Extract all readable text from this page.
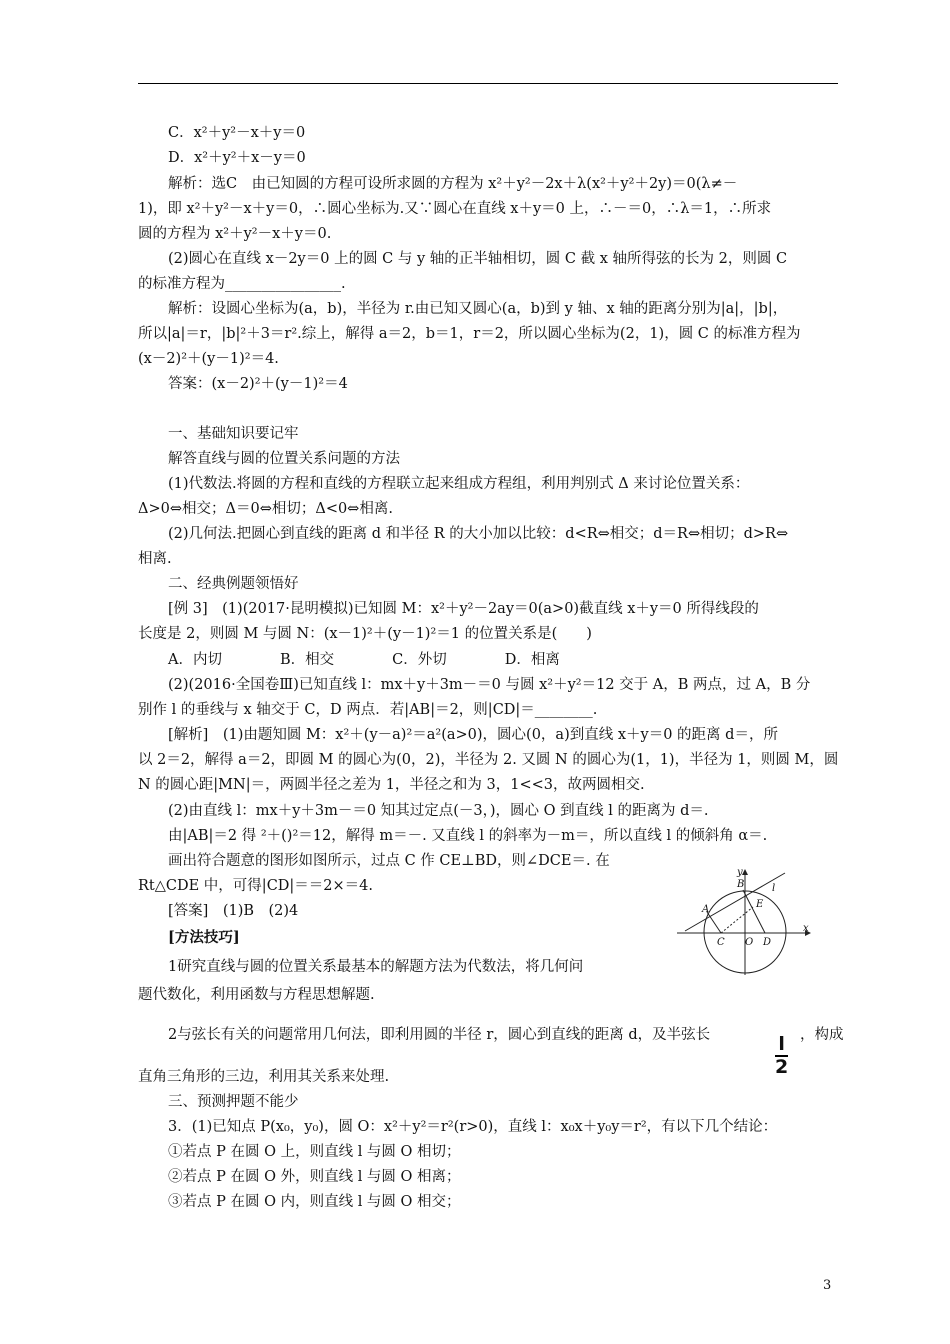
C．x²＋y²－x＋y＝0
D．x²＋y²＋x－y＝0
解析：选C　由已知圆的方程可设所求圆的方程为 x²＋y²－2x＋λ(x²＋y²＋2y)＝0(λ≠－
1)，即 x²＋y²－x＋y＝0，∴圆心坐标为.又∵圆心在直线 x＋y＝0 上，∴－＝0，∴λ＝1，∴所求
圆的方程为 x²＋y²－x＋y＝0.
(2)圆心在直线 x－2y＝0 上的圆 C 与 y 轴的正半轴相切，圆 C 截 x 轴所得弦的长为 2，则圆 C
的标准方程为________________.
解析：设圆心坐标为(a，b)，半径为 r.由已知又圆心(a，b)到 y 轴、x 轴的距离分别为|a|，|b|，
所以|a|＝r，|b|²＋3＝r².综上，解得 a＝2，b＝1，r＝2，所以圆心坐标为(2，1)，圆 C 的标准方程为
(x－2)²＋(y－1)²＝4.
答案：(x－2)²＋(y－1)²＝4
一、基础知识要记牢
解答直线与圆的位置关系问题的方法
(1)代数法.将圆的方程和直线的方程联立起来组成方程组，利用判别式 Δ 来讨论位置关系：
Δ>0⇔相交；Δ＝0⇔相切；Δ<0⇔相离.
(2)几何法.把圆心到直线的距离 d 和半径 R 的大小加以比较：d<R⇔相交；d＝R⇔相切；d>R⇔
相离.
二、经典例题领悟好
[例 3]　(1)(2017·昆明模拟)已知圆 M：x²＋y²－2ay＝0(a>0)截直线 x＋y＝0 所得线段的
长度是 2，则圆 M 与圆 N：(x－1)²＋(y－1)²＝1 的位置关系是(　　)
A．内切　　　　B．相交　　　　C．外切　　　　D．相离
(2)(2016·全国卷Ⅲ)已知直线 l：mx＋y＋3m－＝0 与圆 x²＋y²＝12 交于 A，B 两点，过 A，B 分
别作 l 的垂线与 x 轴交于 C，D 两点．若|AB|＝2，则|CD|＝________.
[解析]　(1)由题知圆 M：x²＋(y－a)²＝a²(a>0)，圆心(0，a)到直线 x＋y＝0 的距离 d＝，所
以 2＝2，解得 a＝2，即圆 M 的圆心为(0，2)，半径为 2. 又圆 N 的圆心为(1，1)，半径为 1，则圆 M，圆
N 的圆心距|MN|＝，两圆半径之差为 1，半径之和为 3，1<<3，故两圆相交.
(2)由直线 l：mx＋y＋3m－＝0 知其过定点(－3，)，圆心 O 到直线 l 的距离为 d＝.
由|AB|＝2 得 ²＋()²＝12，解得 m＝－. 又直线 l 的斜率为－m＝，所以直线 l 的倾斜角 α＝.
画出符合题意的图形如图所示，过点 C 作 CE⊥BD，则∠DCE＝. 在
Rt△CDE 中，可得|CD|＝＝2×＝4.
[答案]　(1)B　(2)4
[方法技巧]
1研究直线与圆的位置关系最基本的解题方法为代数法，将几何问
题代数化，利用函数与方程思想解题.
2与弦长有关的问题常用几何法，即利用圆的半径 r，圆心到直线的距离 d，及半弦长	，构成
直角三角形的三边，利用其关系来处理.
三、预测押题不能少
3．(1)已知点 P(x₀，y₀)，圆 O：x²＋y²＝r²(r>0)，直线 l：x₀x＋y₀y＝r²，有以下几个结论：
①若点 P 在圆 O 上，则直线 l 与圆 O 相切；
②若点 P 在圆 O 外，则直线 l 与圆 O 相离；
③若点 P 在圆 O 内，则直线 l 与圆 O 相交；
$\frac{l}{2}$
y
x
B	l
E
A
C O D
3
